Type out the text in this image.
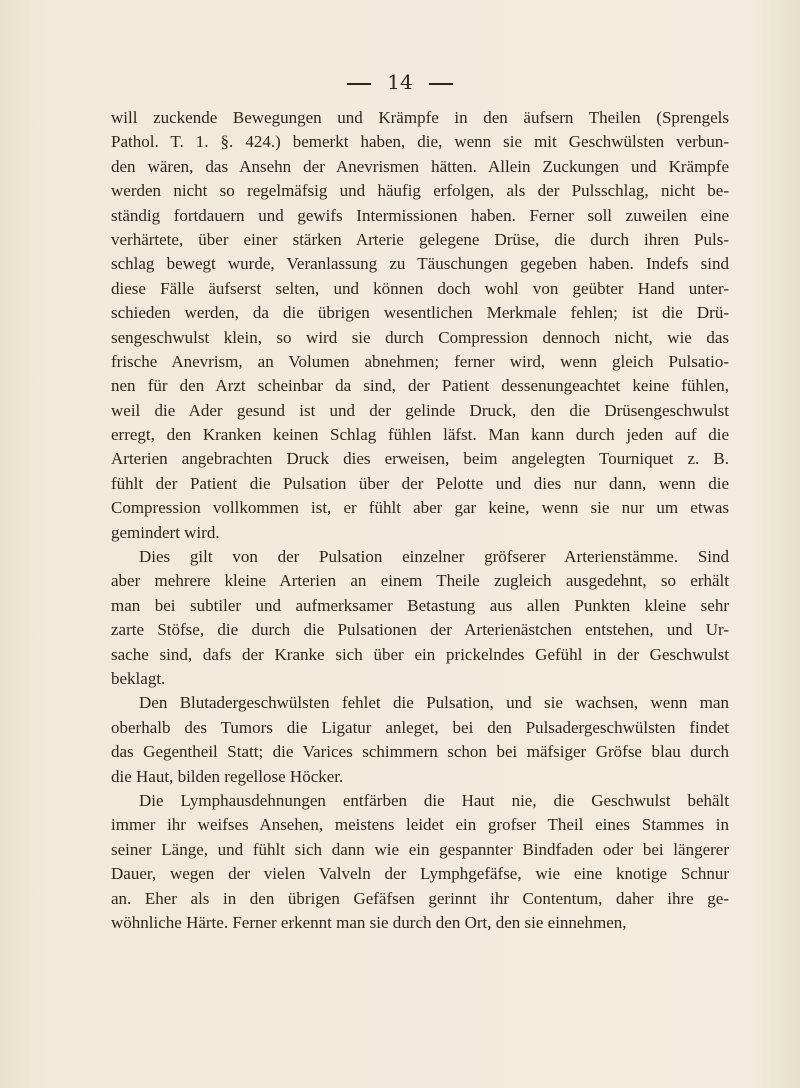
14
will zuckende Bewegungen und Krämpfe in den äufsern Theilen (Sprengels
Pathol. T. 1. §. 424.) bemerkt haben, die, wenn sie mit Geschwülsten verbun-
den wären, das Ansehn der Anevrismen hätten. Allein Zuckungen und Krämpfe
werden nicht so regelmäfsig und häufig erfolgen, als der Pulsschlag, nicht be-
ständig fortdauern und gewifs Intermissionen haben. Ferner soll zuweilen eine
verhärtete, über einer stärken Arterie gelegene Drüse, die durch ihren Puls-
schlag bewegt wurde, Veranlassung zu Täuschungen gegeben haben. Indefs sind
diese Fälle äufserst selten, und können doch wohl von geübter Hand unter-
schieden werden, da die übrigen wesentlichen Merkmale fehlen; ist die Drü-
sengeschwulst klein, so wird sie durch Compression dennoch nicht, wie das
frische Anevrism, an Volumen abnehmen; ferner wird, wenn gleich Pulsatio-
nen für den Arzt scheinbar da sind, der Patient dessenungeachtet keine fühlen,
weil die Ader gesund ist und der gelinde Druck, den die Drüsengeschwulst
erregt, den Kranken keinen Schlag fühlen läfst. Man kann durch jeden auf die
Arterien angebrachten Druck dies erweisen, beim angelegten Tourniquet z. B.
fühlt der Patient die Pulsation über der Pelotte und dies nur dann, wenn die
Compression vollkommen ist, er fühlt aber gar keine, wenn sie nur um etwas
gemindert wird.
Dies gilt von der Pulsation einzelner gröfserer Arterienstämme. Sind
aber mehrere kleine Arterien an einem Theile zugleich ausgedehnt, so erhält
man bei subtiler und aufmerksamer Betastung aus allen Punkten kleine sehr
zarte Stöfse, die durch die Pulsationen der Arterienästchen entstehen, und Ur-
sache sind, dafs der Kranke sich über ein prickelndes Gefühl in der Geschwulst
beklagt.
Den Blutadergeschwülsten fehlet die Pulsation, und sie wachsen, wenn man
oberhalb des Tumors die Ligatur anleget, bei den Pulsadergeschwülsten findet
das Gegentheil Statt; die Varices schimmern schon bei mäfsiger Gröfse blau durch
die Haut, bilden regellose Höcker.
Die Lymphausdehnungen entfärben die Haut nie, die Geschwulst behält
immer ihr weifses Ansehen, meistens leidet ein grofser Theil eines Stammes in
seiner Länge, und fühlt sich dann wie ein gespannter Bindfaden oder bei längerer
Dauer, wegen der vielen Valveln der Lymphgefäfse, wie eine knotige Schnur
an. Eher als in den übrigen Gefäfsen gerinnt ihr Contentum, daher ihre ge-
wöhnliche Härte. Ferner erkennt man sie durch den Ort, den sie einnehmen,
